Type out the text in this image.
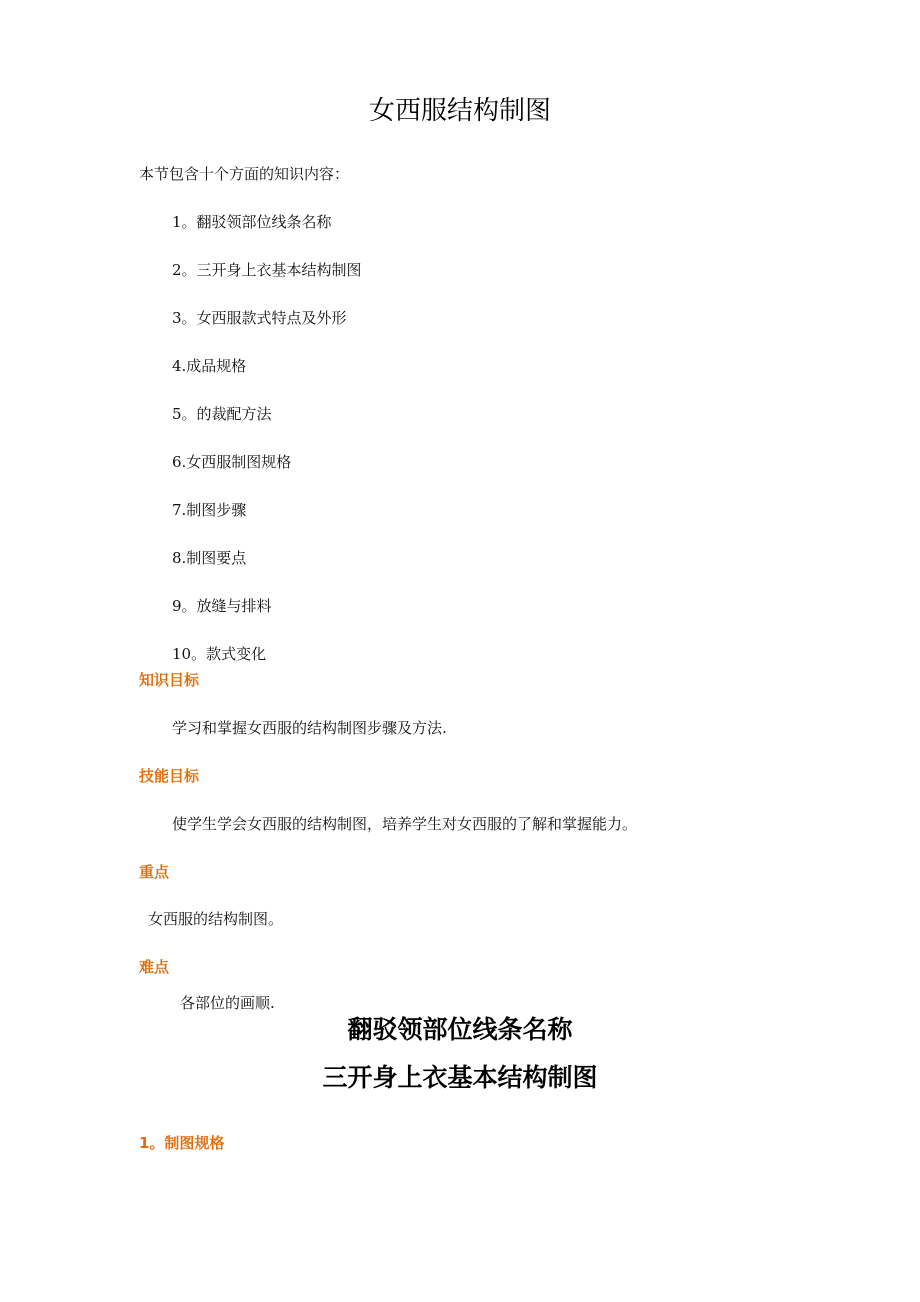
女西服结构制图
本节包含十个方面的知识内容：
1。翻驳领部位线条名称
2。三开身上衣基本结构制图
3。女西服款式特点及外形
4.成品规格
5。的裁配方法
6.女西服制图规格
7.制图步骤
8.制图要点
9。放缝与排料
10。款式变化
知识目标
学习和掌握女西服的结构制图步骤及方法.
技能目标
使学生学会女西服的结构制图，培养学生对女西服的了解和掌握能力。
重点
女西服的结构制图。
难点
各部位的画顺.
翻驳领部位线条名称
三开身上衣基本结构制图
1。制图规格
